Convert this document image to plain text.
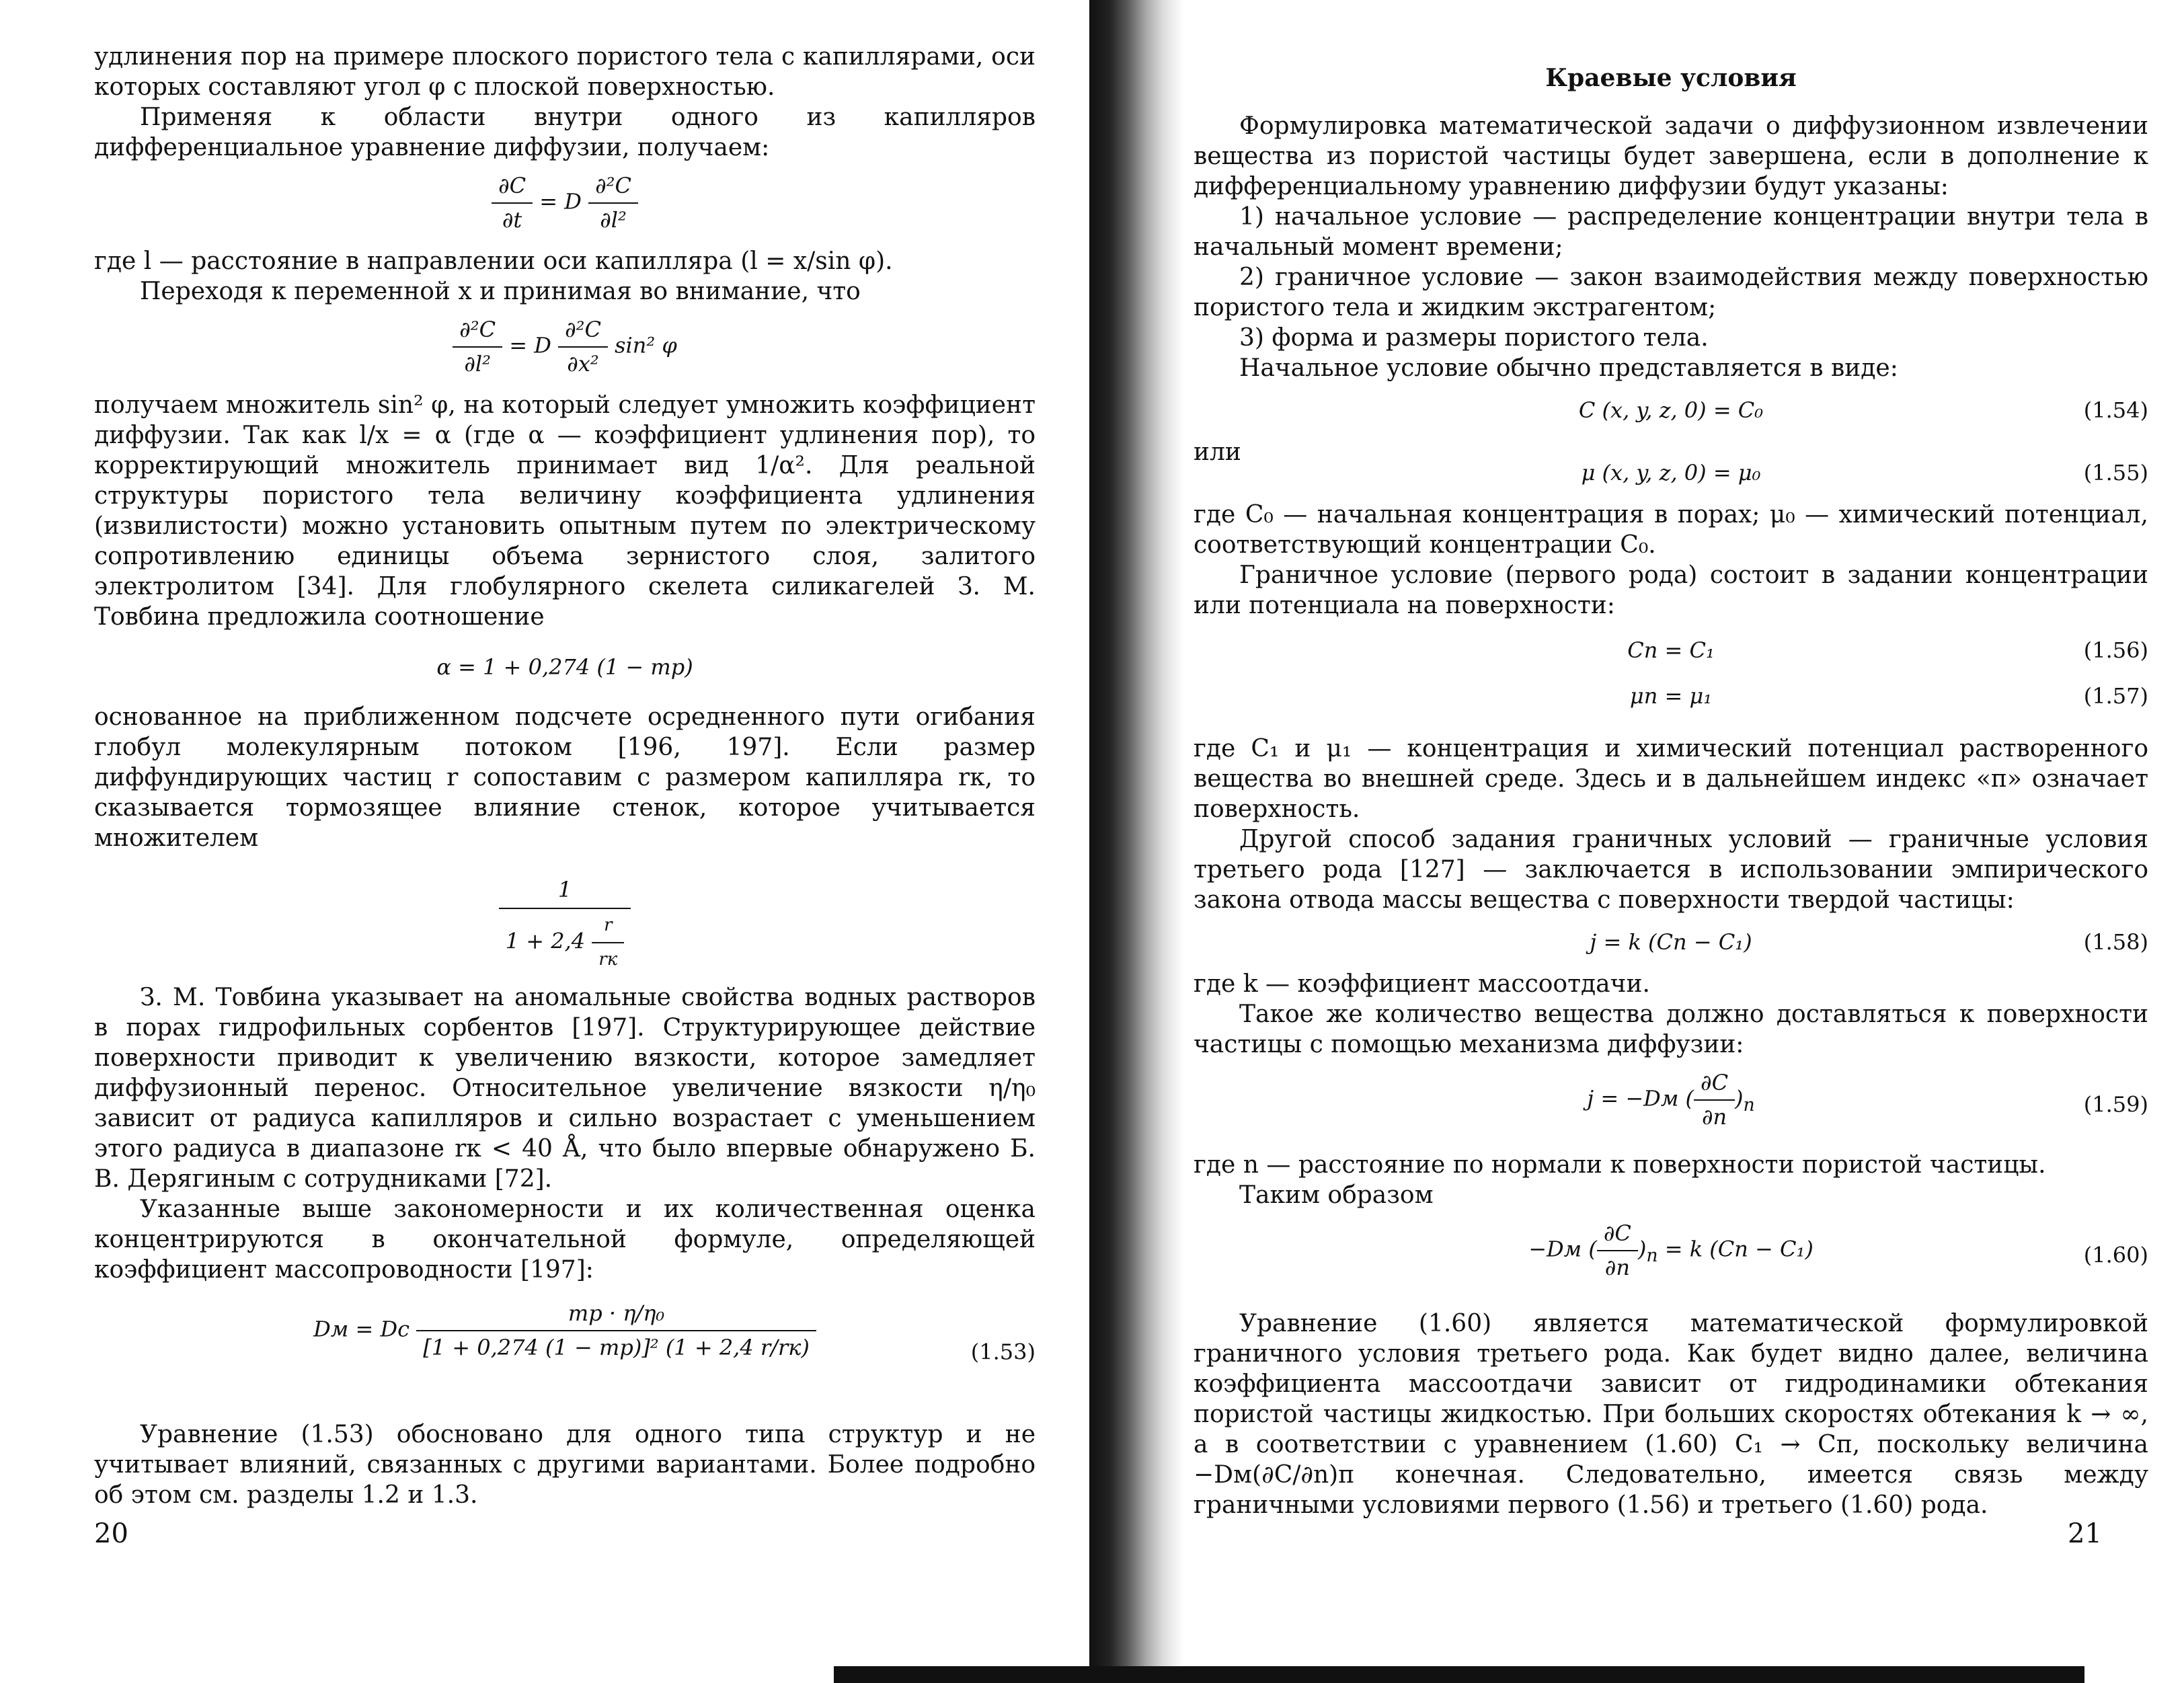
удлинения пор на примере плоского пористого тела с капиллярами, оси которых составляют угол φ с плоской поверхностью.

Применяя к области внутри одного из капилляров дифференциальное уравнение диффузии, получаем:

$\frac{\partial C}{\partial t} = D \frac{\text{∂²C}}{\text{∂l²}}$

где l — расстояние в направлении оси капилляра (l = x/sin φ).

Переходя к переменной x и принимая во внимание, что

$\frac{\text{∂²C}}{\text{∂l²}} = D \frac{\text{∂²C}}{\text{∂x²}} \sin^2$ φ

получаем множитель sin² φ, на который следует умножить коэффициент диффузии. Так как l/x = α (где α — коэффициент удлинения пор), то корректирующий множитель принимает вид 1/α². Для реальной структуры пористого тела величину коэффициента удлинения (извилистости) можно установить опытным путем по электрическому сопротивлению единицы объема зернистого слоя, залитого электролитом [34]. Для глобулярного скелета силикагелей З. М. Товбина предложила соотношение

α = 1 + 0,274 (1 − mр)

основанное на приближенном подсчете осредненного пути огибания глобул молекулярным потоком [196, 197]. Если размер диффундирующих частиц r сопоставим с размером капилляра rк, то сказывается тормозящее влияние стенок, которое учитывается множителем

$\frac{1}{1 + 2,4 \frac{r}{rк}}$

З. М. Товбина указывает на аномальные свойства водных растворов в порах гидрофильных сорбентов [197]. Структурирующее действие поверхности приводит к увеличению вязкости, которое замедляет диффузионный перенос. Относительное увеличение вязкости η/η₀ зависит от радиуса капилляров и сильно возрастает с уменьшением этого радиуса в диапазоне rк < 40 Å, что было впервые обнаружено Б. В. Дерягиным с сотрудниками [72].

Указанные выше закономерности и их количественная оценка концентрируются в окончательной формуле, определяющей коэффициент массопроводности [197]:

Dм = Dс $\frac{\text{mр · η/η₀}}{\text{[1 + 0,274 (1 − mр)]² (1 + 2,4 r/rк)}}$	(1.53)

Уравнение (1.53) обосновано для одного типа структур и не учитывает влияний, связанных с другими вариантами. Более подробно об этом см. разделы 1.2 и 1.3.

20
Краевые условия

Формулировка математической задачи о диффузионном извлечении вещества из пористой частицы будет завершена, если в дополнение к дифференциальному уравнению диффузии будут указаны:

1) начальное условие — распределение концентрации внутри тела в начальный момент времени;

2) граничное условие — закон взаимодействия между поверхностью пористого тела и жидким экстрагентом;

3) форма и размеры пористого тела.

Начальное условие обычно представляется в виде:

C (x, y, z, 0) = C₀	(1.54)

или

μ (x, y, z, 0) = μ₀	(1.55)

где C₀ — начальная концентрация в порах; μ₀ — химический потенциал, соответствующий концентрации C₀.

Граничное условие (первого рода) состоит в задании концентрации или потенциала на поверхности:

Cп = C₁	(1.56)
μп = μ₁	(1.57)

где C₁ и μ₁ — концентрация и химический потенциал растворенного вещества во внешней среде. Здесь и в дальнейшем индекс «п» означает поверхность.

Другой способ задания граничных условий — граничные условия третьего рода [127] — заключается в использовании эмпирического закона отвода массы вещества с поверхности твердой частицы:

j = k (Cп − C₁)	(1.58)

где k — коэффициент массоотдачи.

Такое же количество вещества должно доставляться к поверхности частицы с помощью механизма диффузии:

j = −Dм ( $\frac{\partial C}{\partial n} )_п$	(1.59)

где n — расстояние по нормали к поверхности пористой частицы.

Таким образом

−Dм ( $\frac{\partial C}{\partial n} )_п = k$ (Cп − C₁)	(1.60)

Уравнение (1.60) является математической формулировкой граничного условия третьего рода. Как будет видно далее, величина коэффициента массоотдачи зависит от гидродинамики обтекания пористой частицы жидкостью. При больших скоростях обтекания k → ∞, а в соответствии с уравнением (1.60) C₁ → Cп, поскольку величина −Dм(∂C/∂n)п конечная. Следовательно, имеется связь между граничными условиями первого (1.56) и третьего (1.60) рода.

21
